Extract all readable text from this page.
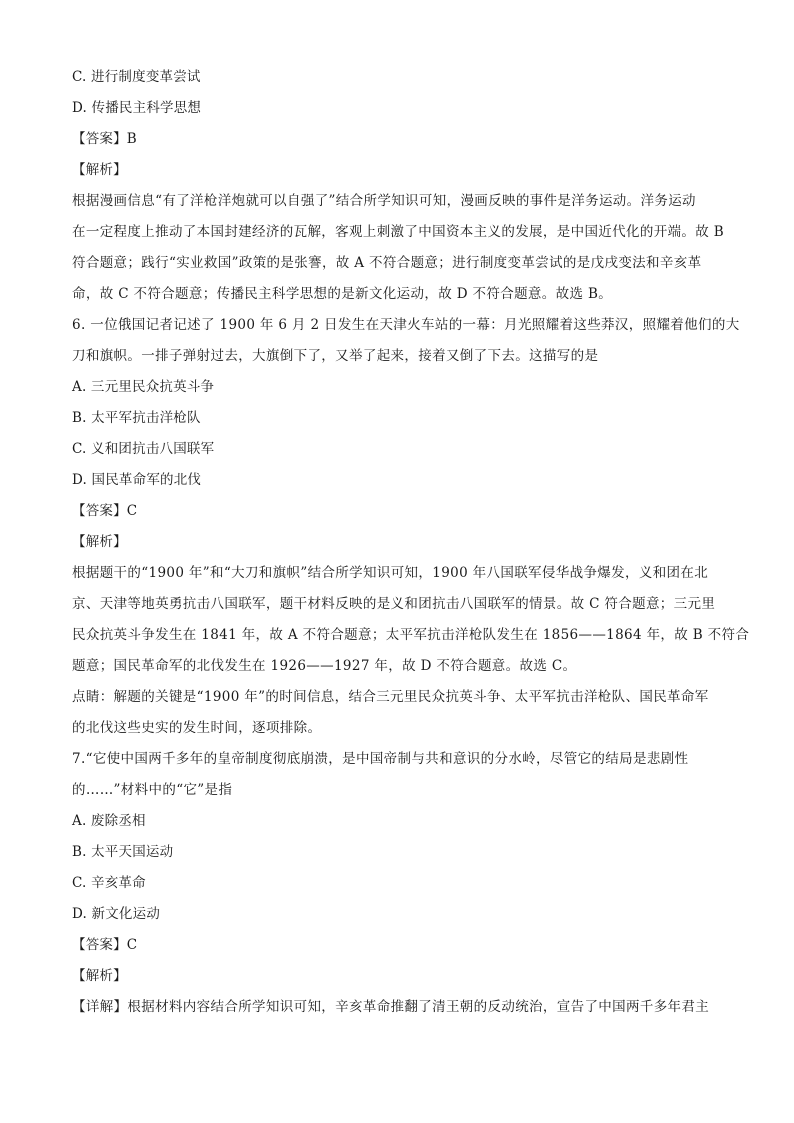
C. 进行制度变革尝试
D. 传播民主科学思想
【答案】B
【解析】
根据漫画信息“有了洋枪洋炮就可以自强了”结合所学知识可知，漫画反映的事件是洋务运动。洋务运动
在一定程度上推动了本国封建经济的瓦解，客观上刺激了中国资本主义的发展，是中国近代化的开端。故 B
符合题意；践行“实业救国”政策的是张謇，故 A 不符合题意；进行制度变革尝试的是戊戌变法和辛亥革
命，故 C 不符合题意；传播民主科学思想的是新文化运动，故 D 不符合题意。故选 B。
6. 一位俄国记者记述了 1900 年 6 月 2 日发生在天津火车站的一幕：月光照耀着这些莽汉，照耀着他们的大
刀和旗帜。一排子弹射过去，大旗倒下了，又举了起来，接着又倒了下去。这描写的是
A. 三元里民众抗英斗争
B. 太平军抗击洋枪队
C. 义和团抗击八国联军
D. 国民革命军的北伐
【答案】C
【解析】
根据题干的“1900 年”和“大刀和旗帜”结合所学知识可知，1900 年八国联军侵华战争爆发，义和团在北
京、天津等地英勇抗击八国联军，题干材料反映的是义和团抗击八国联军的情景。故 C 符合题意；三元里
民众抗英斗争发生在 1841 年，故 A 不符合题意；太平军抗击洋枪队发生在 1856——1864 年，故 B 不符合
题意；国民革命军的北伐发生在 1926——1927 年，故 D 不符合题意。故选 C。
点睛：解题的关键是“1900 年”的时间信息，结合三元里民众抗英斗争、太平军抗击洋枪队、国民革命军
的北伐这些史实的发生时间，逐项排除。
7.“它使中国两千多年的皇帝制度彻底崩溃，是中国帝制与共和意识的分水岭，尽管它的结局是悲剧性
的……”材料中的“它”是指
A. 废除丞相
B. 太平天国运动
C. 辛亥革命
D. 新文化运动
【答案】C
【解析】
【详解】根据材料内容结合所学知识可知，辛亥革命推翻了清王朝的反动统治，宣告了中国两千多年君主
